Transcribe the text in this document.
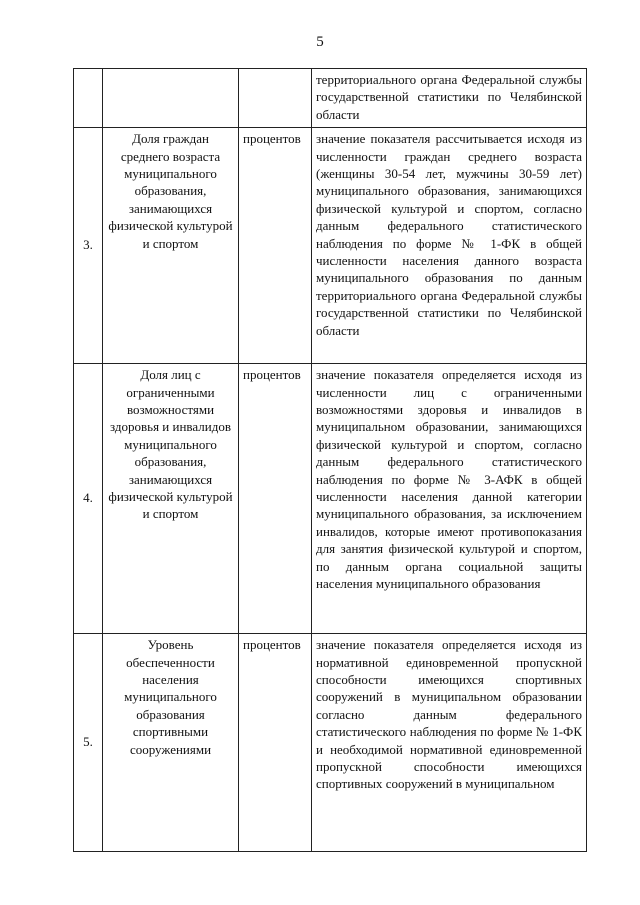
5

			территориального органа Федеральной службы государственной статистики по Челябинской области

3.	Доля граждан среднего возраста муниципального образования, занимающихся физической культурой и спортом	процентов	значение показателя рассчитывается исходя из численности граждан среднего возраста (женщины 30-54 лет, мужчины 30-59 лет) муниципального образования, занимающихся физической культурой и спортом, согласно данным федерального статистического наблюдения по форме № 1-ФК в общей численности населения данного возраста муниципального образования по данным территориального органа Федеральной службы государственной статистики по Челябинской области

4.	Доля лиц с ограниченными возможностями здоровья и инвалидов муниципального образования, занимающихся физической культурой и спортом	процентов	значение показателя определяется исходя из численности лиц с ограниченными возможностями здоровья и инвалидов в муниципальном образовании, занимающихся физической культурой и спортом, согласно данным федерального статистического наблюдения по форме № 3-АФК в общей численности населения данной категории муниципального образования, за исключением инвалидов, которые имеют противопоказания для занятия физической культурой и спортом, по данным органа социальной защиты населения муниципального образования

5.	Уровень обеспеченности населения муниципального образования спортивными сооружениями	процентов	значение показателя определяется исходя из нормативной единовременной пропускной способности имеющихся спортивных сооружений в муниципальном образовании согласно данным федерального статистического наблюдения по форме № 1-ФК и необходимой нормативной единовременной пропускной способности имеющихся спортивных сооружений в муниципальном
